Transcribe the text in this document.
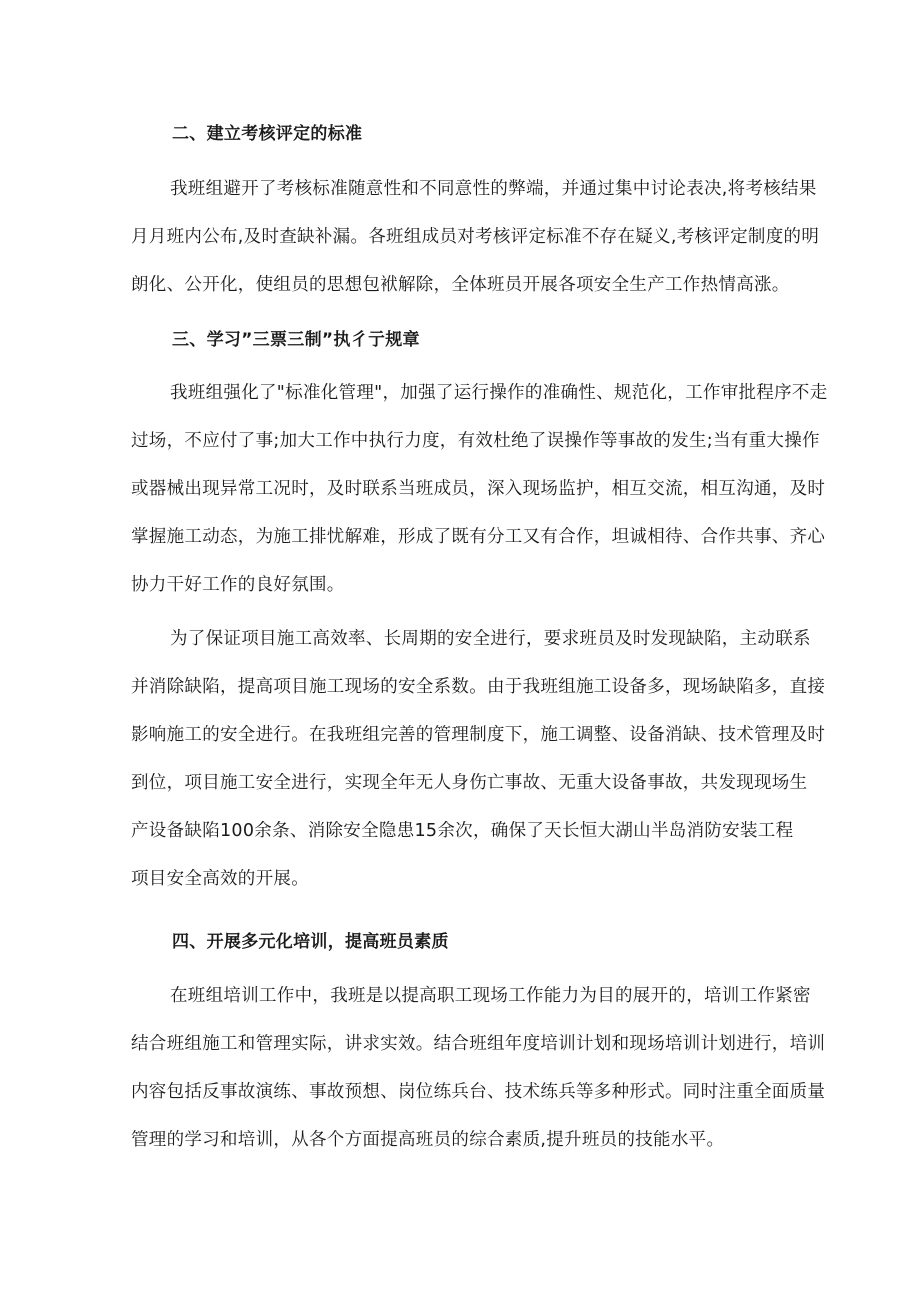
二、建立考核评定的标准

我班组避开了考核标准随意性和不同意性的弊端，并通过集中讨论表决,将考核结果

月月班内公布,及时查缺补漏。各班组成员对考核评定标准不存在疑义,考核评定制度的明

朗化、公开化，使组员的思想包袱解除，全体班员开展各项安全生产工作热情高涨。

三、学习”三票三制”执彳亍规章

我班组强化了"标准化管理"，加强了运行操作的准确性、规范化，工作审批程序不走

过场，不应付了事;加大工作中执行力度，有效杜绝了误操作等事故的发生;当有重大操作

或器械出现异常工况时，及时联系当班成员，深入现场监护，相互交流，相互沟通，及时

掌握施工动态，为施工排忧解难，形成了既有分工又有合作，坦诚相待、合作共事、齐心

协力干好工作的良好氛围。

为了保证项目施工高效率、长周期的安全进行，要求班员及时发现缺陷，主动联系

并消除缺陷，提高项目施工现场的安全系数。由于我班组施工设备多，现场缺陷多，直接

影响施工的安全进行。在我班组完善的管理制度下，施工调整、设备消缺、技术管理及时

到位，项目施工安全进行，实现全年无人身伤亡事故、无重大设备事故，共发现现场生

产设备缺陷100余条、消除安全隐患15余次，确保了天长恒大湖山半岛消防安装工程

项目安全高效的开展。

四、开展多元化培训，提高班员素质

在班组培训工作中，我班是以提高职工现场工作能力为目的展开的，培训工作紧密

结合班组施工和管理实际，讲求实效。结合班组年度培训计划和现场培训计划进行，培训

内容包括反事故演练、事故预想、岗位练兵台、技术练兵等多种形式。同时注重全面质量

管理的学习和培训，从各个方面提高班员的综合素质,提升班员的技能水平。
